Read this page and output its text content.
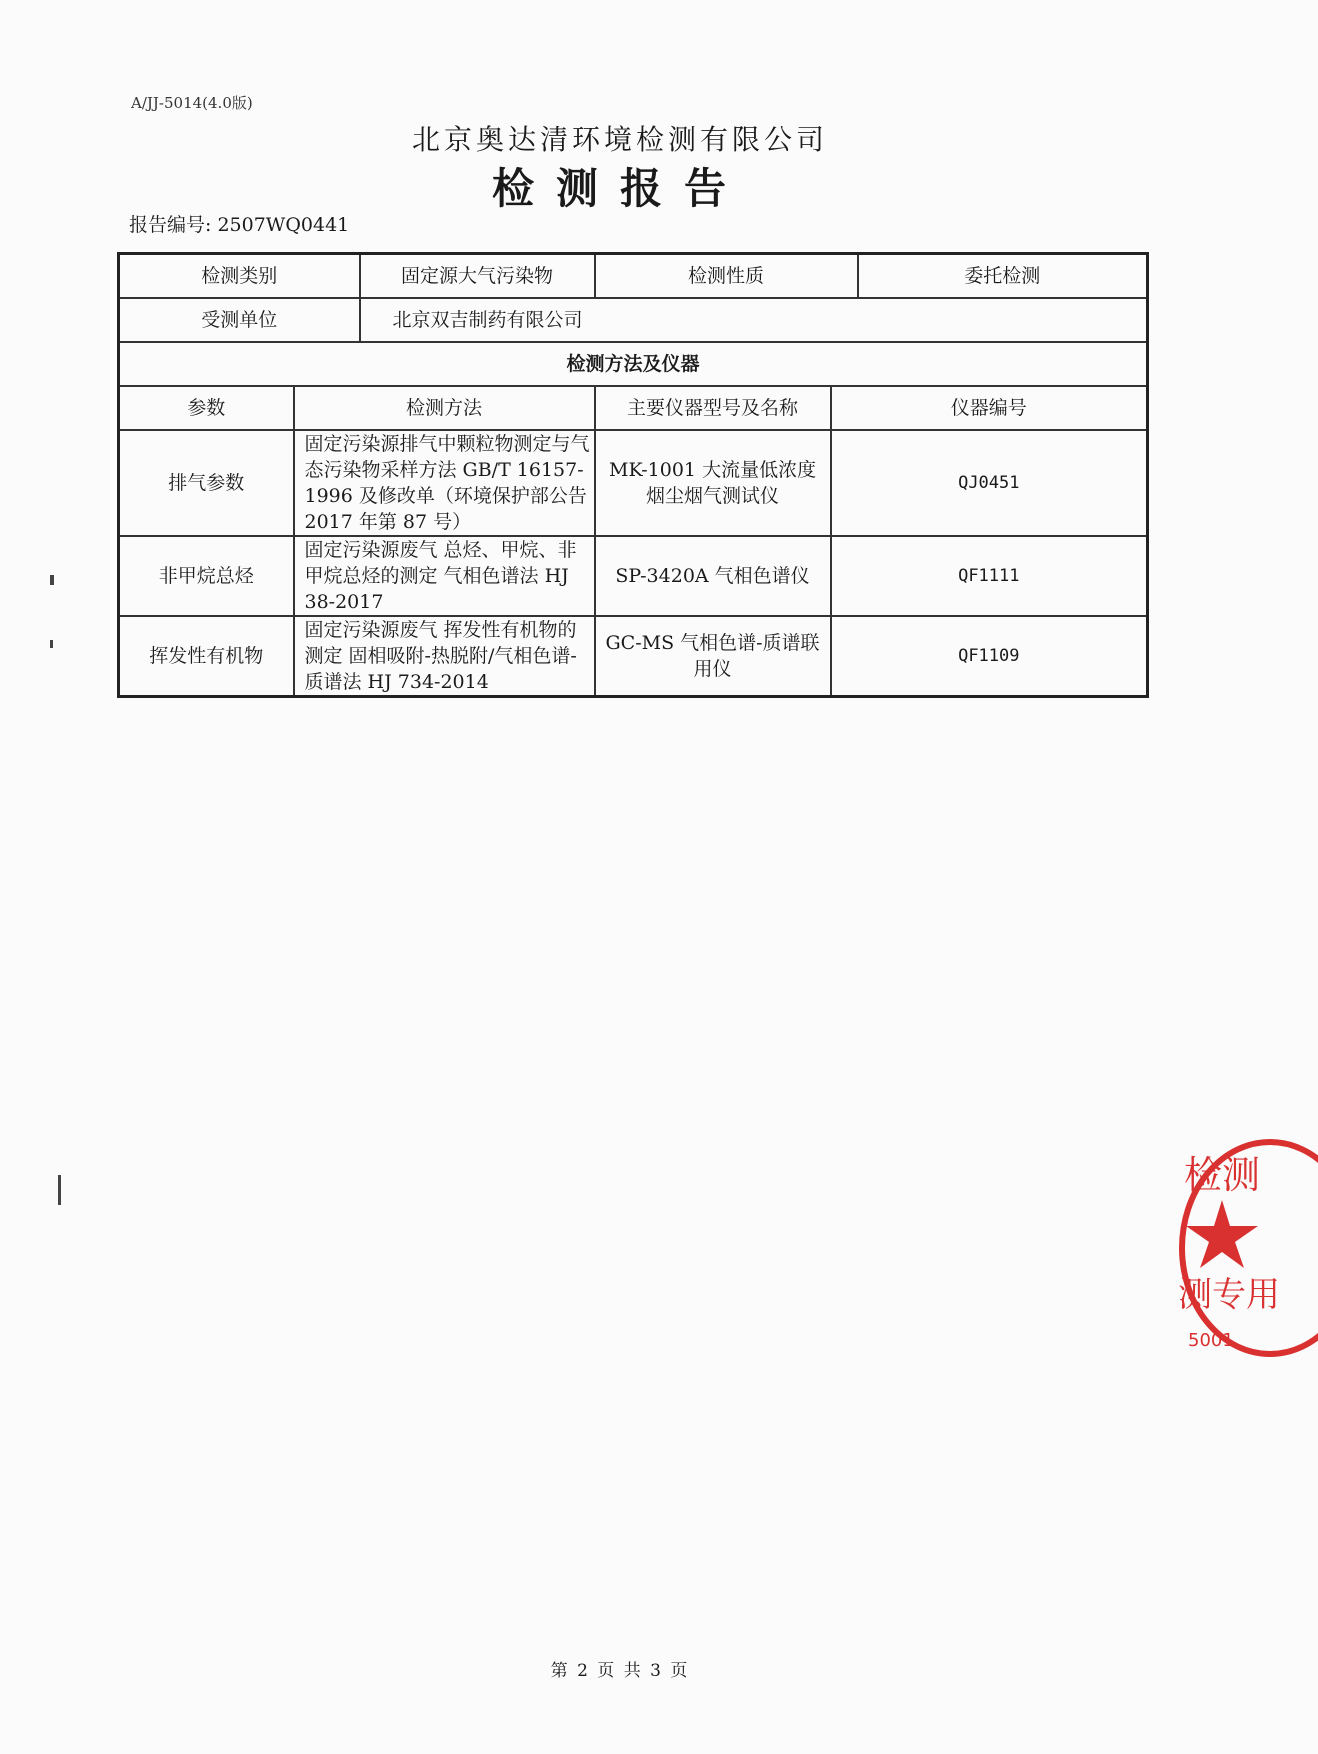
A/JJ-5014(4.0版)
北京奥达清环境检测有限公司
检测报告
报告编号: 2507WQ0441
检测类别		固定源大气污染物	检测性质		委托检测
受测单位		北京双吉制药有限公司			
检测方法及仪器					
参数	检测方法		主要仪器型号及名称	仪器编号	
排气参数	固定污染源排气中颗粒物测定与气态污染物采样方法 GB/T 16157-1996 及修改单（环境保护部公告 2017 年第 87 号）		MK-1001 大流量低浓度烟尘烟气测试仪	QJ0451	
非甲烷总烃	固定污染源废气 总烃、甲烷、非甲烷总烃的测定 气相色谱法 HJ 38-2017		SP-3420A 气相色谱仪	QF1111	
挥发性有机物	固定污染源废气 挥发性有机物的测定 固相吸附-热脱附/气相色谱-质谱法 HJ 734-2014		GC-MS 气相色谱-质谱联用仪	QF1109	
第 2 页 共 3 页
检测
测专用
5001
